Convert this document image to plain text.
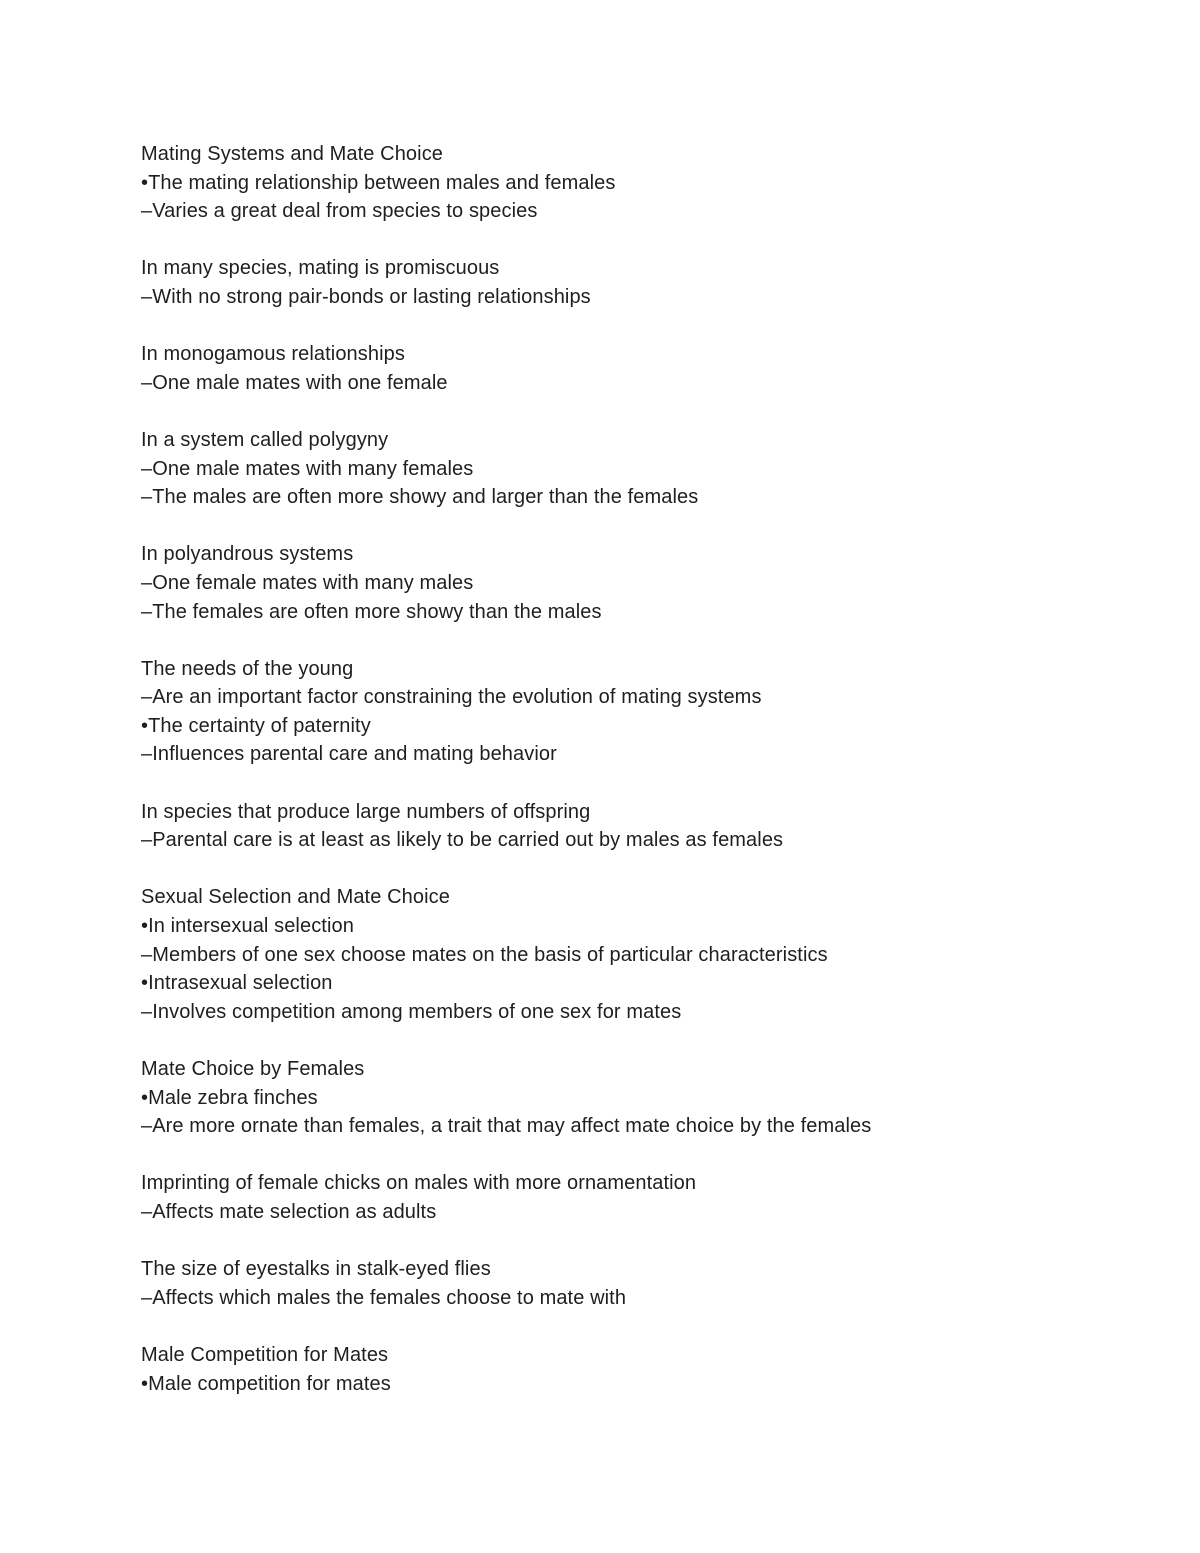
Mating Systems and Mate Choice
•The mating relationship between males and females
–Varies a great deal from species to species
In many species, mating is promiscuous
–With no strong pair-bonds or lasting relationships
In monogamous relationships
–One male mates with one female
In a system called polygyny
–One male mates with many females
–The males are often more showy and larger than the females
In polyandrous systems
–One female mates with many males
–The females are often more showy than the males
The needs of the young
–Are an important factor constraining the evolution of mating systems
•The certainty of paternity
–Influences parental care and mating behavior
In species that produce large numbers of offspring
–Parental care is at least as likely to be carried out by males as females
Sexual Selection and Mate Choice
•In intersexual selection
–Members of one sex choose mates on the basis of particular characteristics
•Intrasexual selection
–Involves competition among members of one sex for mates
Mate Choice by Females
•Male zebra finches
–Are more ornate than females, a trait that may affect mate choice by the females
Imprinting of female chicks on males with more ornamentation
–Affects mate selection as adults
The size of eyestalks in stalk-eyed flies
–Affects which males the females choose to mate with
Male Competition for Mates
•Male competition for mates
